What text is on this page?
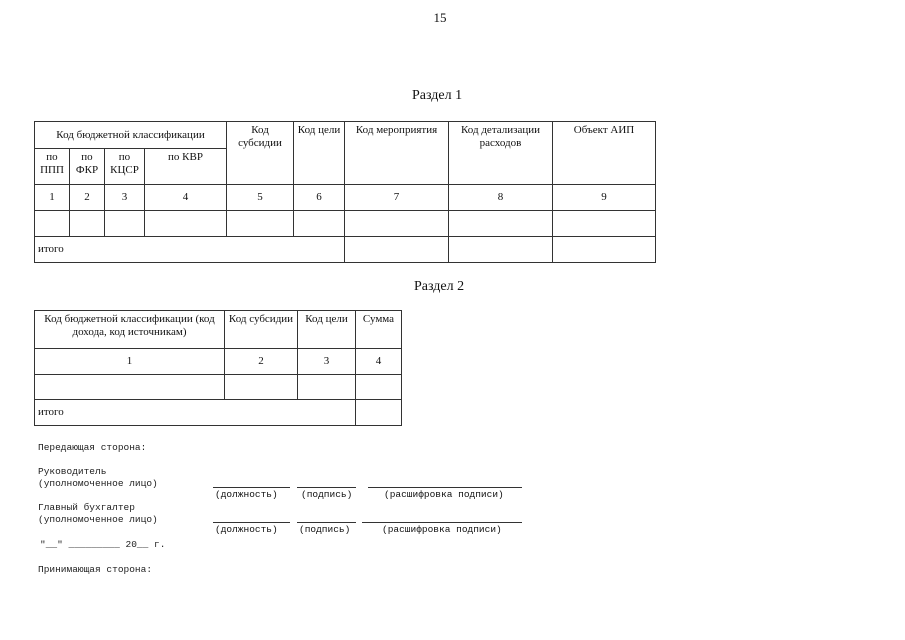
15
Раздел 1
Код бюджетной классификации				Код субсидии	Код цели	Код мероприятия	Код детализации расходов	Объект АИП
по ППП	по ФКР	по КЦСР	по КВР					
1	2	3	4	5	6	7	8	9

итого								
Раздел 2
Код бюджетной классификации (код дохода, код источникам)	Код субсидии	Код цели	Сумма
1	2	3	4

итого			
Передающая сторона:
Руководитель
(уполномоченное лицо)
(должность) (подпись)	(расшифровка подписи)
Главный бухгалтер
(уполномоченное лицо)
(должность) (подпись)	(расшифровка подписи)
"__" _________ 20__ г.
Принимающая сторона:
